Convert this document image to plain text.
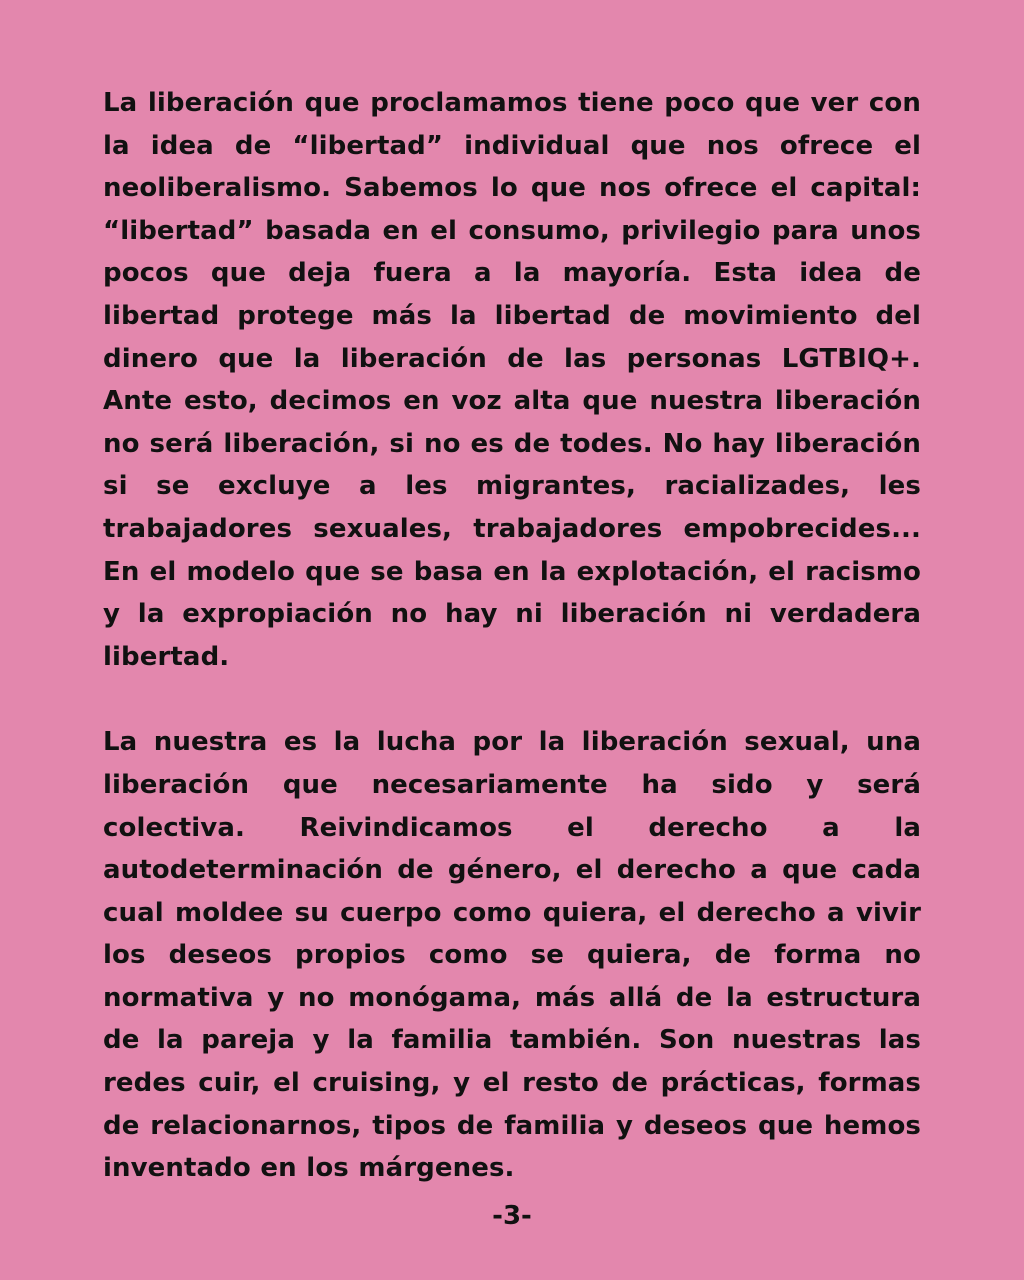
La liberación que proclamamos tiene poco que ver con la idea de “libertad” individual que nos ofrece el neoliberalismo. Sabemos lo que nos ofrece el capital: “libertad” basada en el consumo, privilegio para unos pocos que deja fuera a la mayoría. Esta idea de libertad protege más la libertad de movimiento del dinero que la liberación de las personas LGTBIQ+. Ante esto, decimos en voz alta que nuestra liberación no será liberación, si no es de todes. No hay liberación si se excluye a les migrantes, racializades, les trabajadores sexuales, trabajadores empobrecides... En el modelo que se basa en la explotación, el racismo y la expropiación no hay ni liberación ni verdadera libertad.

La nuestra es la lucha por la liberación sexual, una liberación que necesariamente ha sido y será colectiva. Reivindicamos el derecho a la autodeterminación de género, el derecho a que cada cual moldee su cuerpo como quiera, el derecho a vivir los deseos propios como se quiera, de forma no normativa y no monógama, más allá de la estructura de la pareja y la familia también. Son nuestras las redes cuir, el cruising, y el resto de prácticas, formas de relacionarnos, tipos de familia y deseos que hemos inventado en los márgenes.

-3-
